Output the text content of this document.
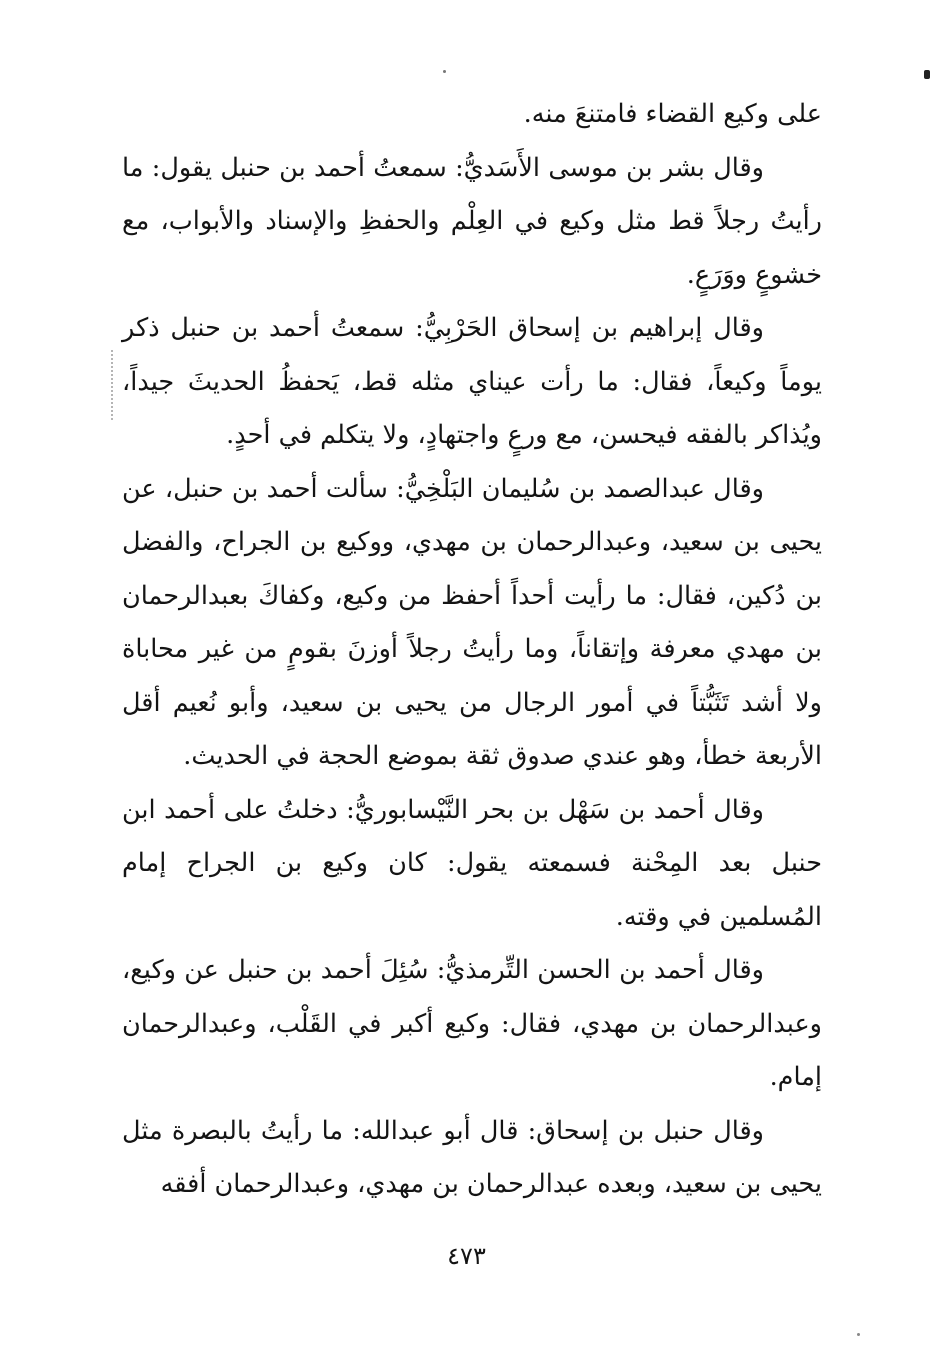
على وكيع القضاء فامتنعَ منه.

وقال بشر بن موسى الأَسَديُّ: سمعتُ أحمد بن حنبل يقول: ما رأيتُ رجلاً قط مثل وكيع في العِلْم والحفظِ والإسناد والأبواب، مع خشوعٍ ووَرَعٍ.

وقال إبراهيم بن إسحاق الحَرْبِيُّ: سمعتُ أحمد بن حنبل ذكر يوماً وكيعاً، فقال: ما رأت عيناي مثله قط، يَحفظُ الحديثَ جيداً، ويُذاكر بالفقه فيحسن، مع ورعٍ واجتهادٍ، ولا يتكلم في أحدٍ.

وقال عبدالصمد بن سُليمان البَلْخِيُّ: سألت أحمد بن حنبل، عن يحيى بن سعيد، وعبدالرحمان بن مهدي، ووكيع بن الجراح، والفضل بن دُكين، فقال: ما رأيت أحداً أحفظ من وكيع، وكفاكَ بعبدالرحمان بن مهدي معرفة وإتقاناً، وما رأيتُ رجلاً أوزنَ بقومٍ من غير محاباة ولا أشد تَثَبُّتاً في أمور الرجال من يحيى بن سعيد، وأبو نُعيم أقل الأربعة خطأ، وهو عندي صدوق ثقة بموضع الحجة في الحديث.

وقال أحمد بن سَهْل بن بحر النَّيْسابوريُّ: دخلتُ على أحمد ابن حنبل بعد المِحْنة فسمعته يقول: كان وكيع بن الجراح إمام المُسلمين في وقته.

وقال أحمد بن الحسن التِّرمذيُّ: سُئِلَ أحمد بن حنبل عن وكيع، وعبدالرحمان بن مهدي، فقال: وكيع أكبر في القَلْب، وعبدالرحمان إمام.

وقال حنبل بن إسحاق: قال أبو عبدالله: ما رأيتُ بالبصرة مثل يحيى بن سعيد، وبعده عبدالرحمان بن مهدي، وعبدالرحمان أفقه

٤٧٣
